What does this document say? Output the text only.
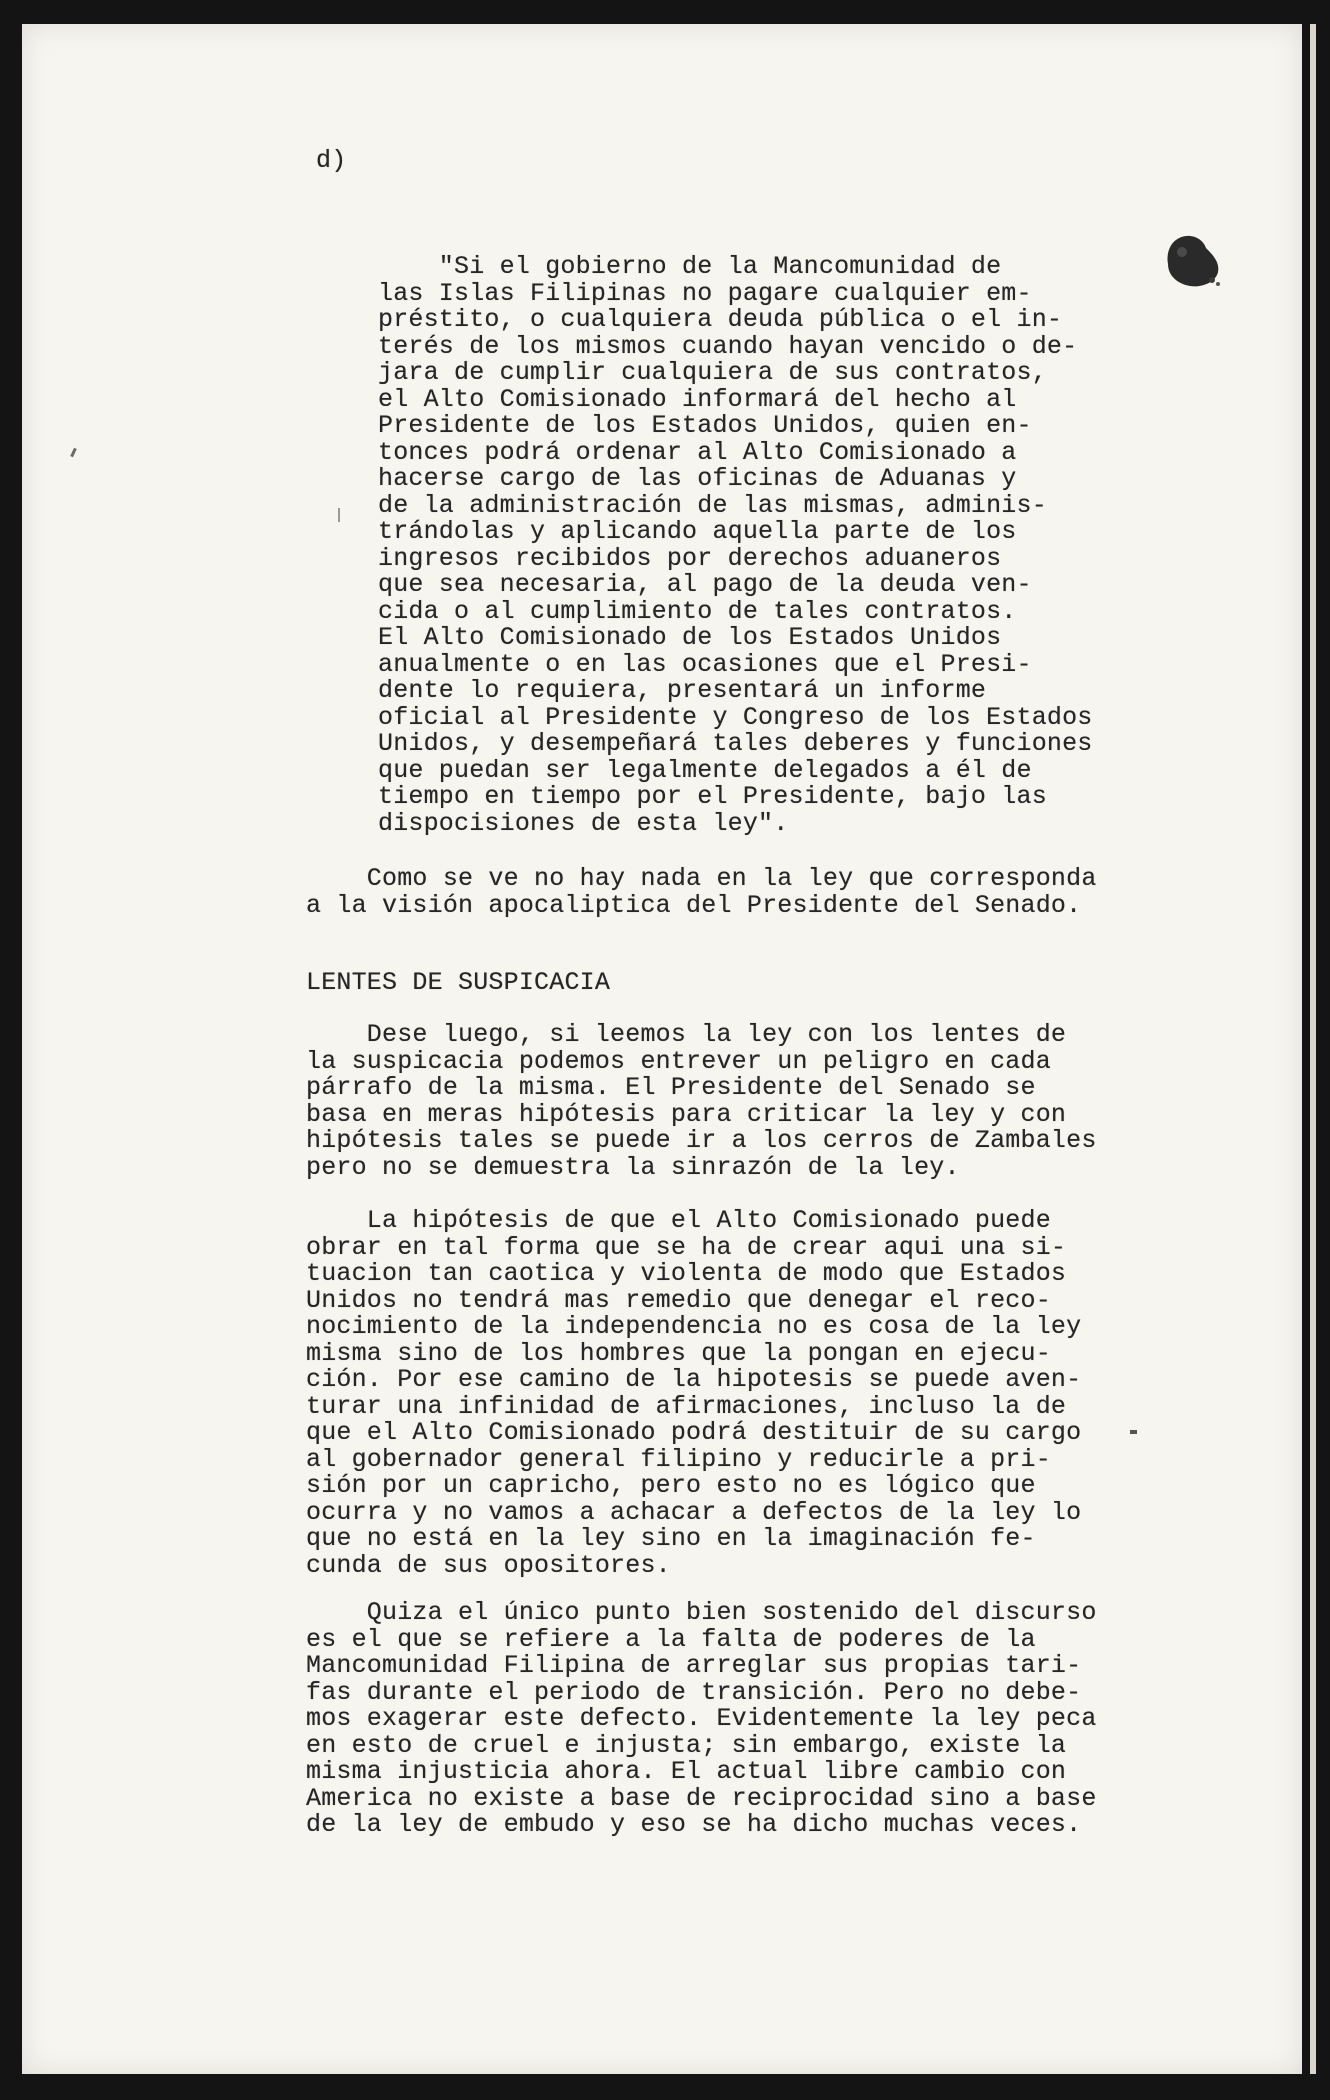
d)
"Si el gobierno de la Mancomunidad de
las Islas Filipinas no pagare cualquier em-
préstito, o cualquiera deuda pública o el in-
terés de los mismos cuando hayan vencido o de-
jara de cumplir cualquiera de sus contratos,
el Alto Comisionado informará del hecho al
Presidente de los Estados Unidos, quien en-
tonces podrá ordenar al Alto Comisionado a
hacerse cargo de las oficinas de Aduanas y
de la administración de las mismas, adminis-
trándolas y aplicando aquella parte de los
ingresos recibidos por derechos aduaneros
que sea necesaria, al pago de la deuda ven-
cida o al cumplimiento de tales contratos.
El Alto Comisionado de los Estados Unidos
anualmente o en las ocasiones que el Presi-
dente lo requiera, presentará un informe
oficial al Presidente y Congreso de los Estados
Unidos, y desempeñará tales deberes y funciones
que puedan ser legalmente delegados a él de
tiempo en tiempo por el Presidente, bajo las
dispocisiones de esta ley".
Como se ve no hay nada en la ley que corresponda
a la visión apocaliptica del Presidente del Senado.
LENTES DE SUSPICACIA
Dese luego, si leemos la ley con los lentes de
la suspicacia podemos entrever un peligro en cada
párrafo de la misma. El Presidente del Senado se
basa en meras hipótesis para criticar la ley y con
hipótesis tales se puede ir a los cerros de Zambales
pero no se demuestra la sinrazón de la ley.
La hipótesis de que el Alto Comisionado puede
obrar en tal forma que se ha de crear aqui una si-
tuacion tan caotica y violenta de modo que Estados
Unidos no tendrá mas remedio que denegar el reco-
nocimiento de la independencia no es cosa de la ley
misma sino de los hombres que la pongan en ejecu-
ción. Por ese camino de la hipotesis se puede aven-
turar una infinidad de afirmaciones, incluso la de
que el Alto Comisionado podrá destituir de su cargo
al gobernador general filipino y reducirle a pri-
sión por un capricho, pero esto no es lógico que
ocurra y no vamos a achacar a defectos de la ley lo
que no está en la ley sino en la imaginación fe-
cunda de sus opositores.
Quiza el único punto bien sostenido del discurso
es el que se refiere a la falta de poderes de la
Mancomunidad Filipina de arreglar sus propias tari-
fas durante el periodo de transición. Pero no debe-
mos exagerar este defecto. Evidentemente la ley peca
en esto de cruel e injusta; sin embargo, existe la
misma injusticia ahora. El actual libre cambio con
America no existe a base de reciprocidad sino a base
de la ley de embudo y eso se ha dicho muchas veces.
